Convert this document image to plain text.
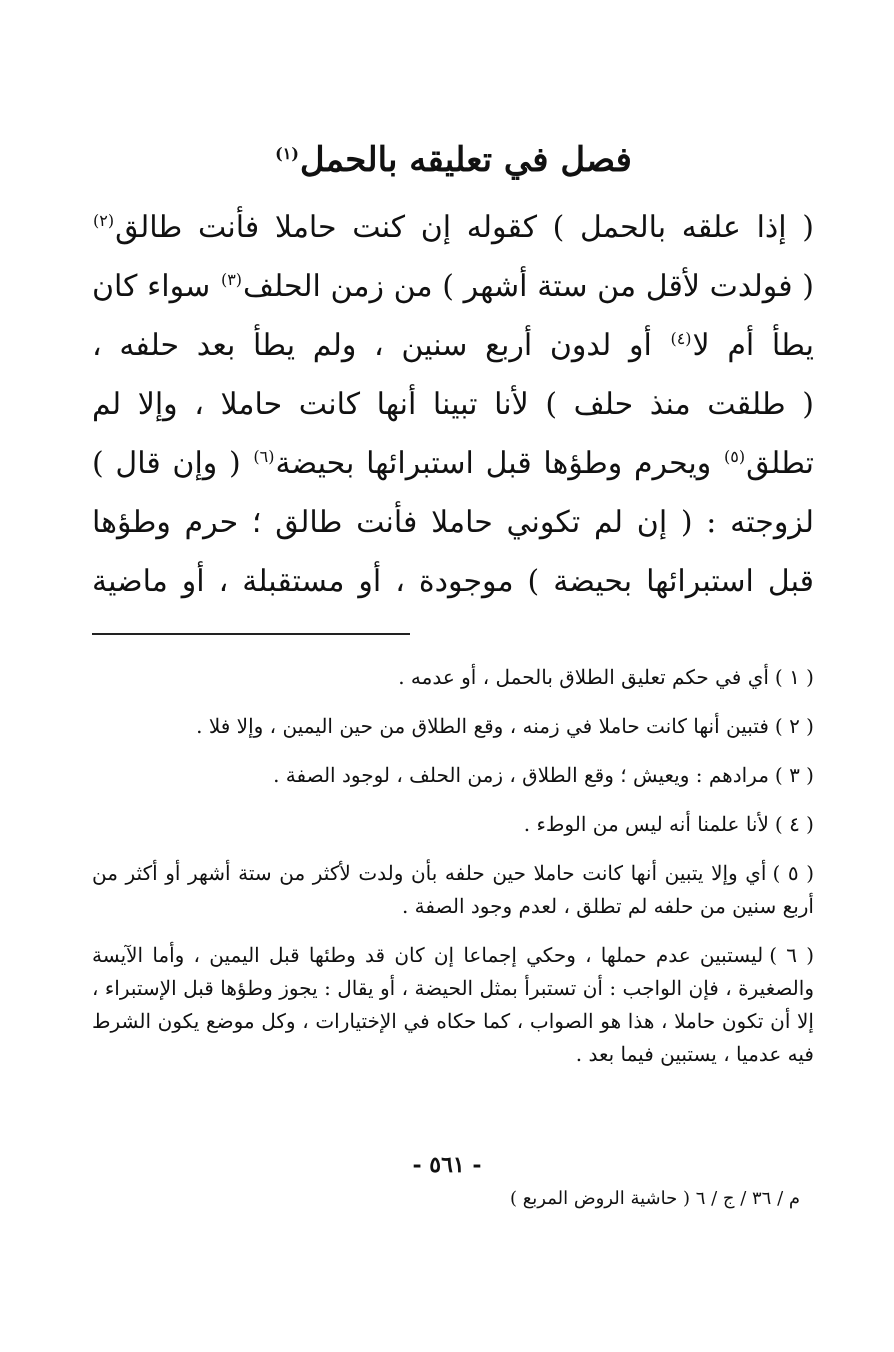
فصل في تعليقه بالحمل$^{(١)}$

( إذا علقه بالحمل ) كقوله إن كنت حاملا فأنت طالق$^{(٢)}$
( فولدت لأقل من ستة أشهر ) من زمن الحلف$^{(٣)}$ سواء كان
يطأ أم لا$^{(٤)}$ أو لدون أربع سنين ، ولم يطأ بعد حلفه ،
( طلقت منذ حلف ) لأنا تبينا أنها كانت حاملا ، وإلا لم
تطلق$^{(٥)}$ ويحرم وطؤها قبل استبرائها بحيضة$^{(٦)}$ ( وإن قال )
لزوجته : ( إن لم تكوني حاملا فأنت طالق ؛ حرم وطؤها
قبل استبرائها بحيضة ) موجودة ، أو مستقبلة ، أو ماضية

( ١ )أي في حكم تعليق الطلاق بالحمل ، أو عدمه .
( ٢ )فتبين أنها كانت حاملا في زمنه ، وقع الطلاق من حين اليمين ، وإلا فلا .
( ٣ )مرادهم : ويعيش ؛ وقع الطلاق ، زمن الحلف ، لوجود الصفة .
( ٤ )لأنا علمنا أنه ليس من الوطء .
( ٥ )أي وإلا يتبين أنها كانت حاملا حين حلفه بأن ولدت لأكثر من ستة أشهر أو أكثر من أربع سنين من حلفه لم تطلق ، لعدم وجود الصفة .
( ٦ )ليستبين عدم حملها ، وحكي إجماعا إن كان قد وطئها قبل اليمين ، وأما الآيسة والصغيرة ، فإن الواجب : أن تستبرأ بمثل الحيضة ، أو يقال : يجوز وطؤها قبل الإستبراء ، إلا أن تكون حاملا ، هذا هو الصواب ، كما حكاه في الإختيارات ، وكل موضع يكون الشرط فيه عدميا ، يستبين فيما بعد .
- ٥٦١ -
م / ٣٦ / ج / ٦ ( حاشية الروض المربع )
